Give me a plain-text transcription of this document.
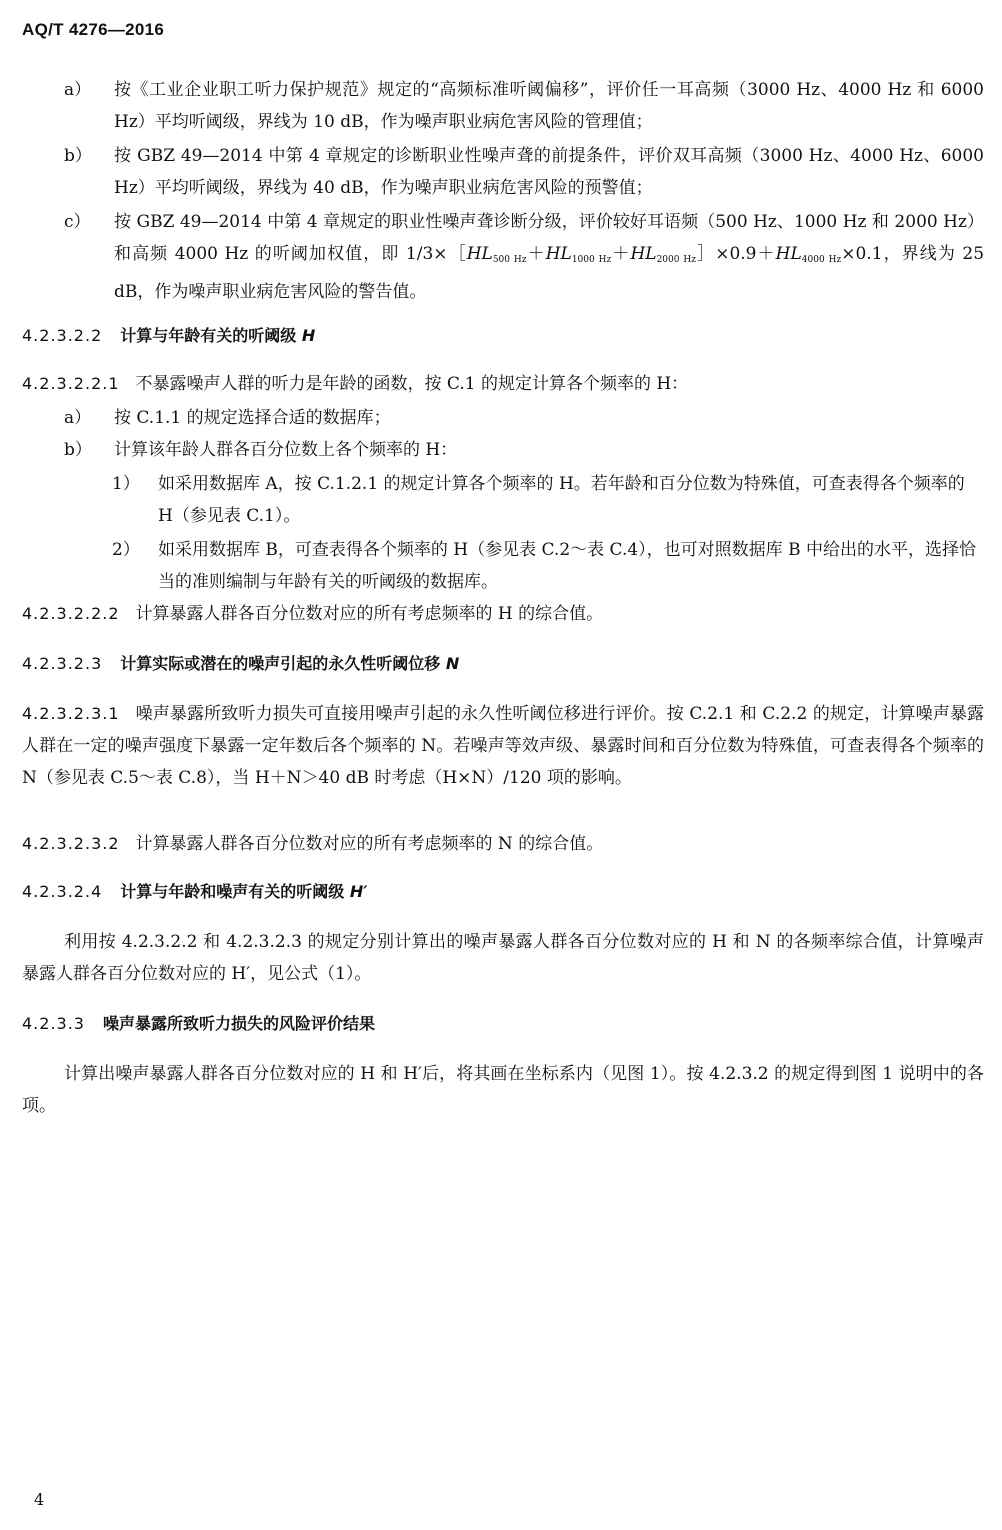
AQ/T 4276—2016
a） 按《工业企业职工听力保护规范》规定的“高频标准听阈偏移”，评价任一耳高频（3000 Hz、4000 Hz 和 6000 Hz）平均听阈级，界线为 10 dB，作为噪声职业病危害风险的管理值；
b） 按 GBZ 49—2014 中第 4 章规定的诊断职业性噪声聋的前提条件，评价双耳高频（3000 Hz、4000 Hz、6000 Hz）平均听阈级，界线为 40 dB，作为噪声职业病危害风险的预警值；
c） 按 GBZ 49—2014 中第 4 章规定的职业性噪声聋诊断分级，评价较好耳语频（500 Hz、1000 Hz 和 2000 Hz）和高频 4000 Hz 的听阈加权值，即 $1/3\times[HL_{500 Hz}+HL_{1000 Hz}+HL_{2000 Hz}]\times 0.9+HL_{4000 Hz}\times 0.1$，界线为 25 dB，作为噪声职业病危害风险的警告值。
4.2.3.2.2 计算与年龄有关的听阈级 H
4.2.3.2.2.1 不暴露噪声人群的听力是年龄的函数，按 C.1 的规定计算各个频率的 H：
a） 按 C.1.1 的规定选择合适的数据库；
b） 计算该年龄人群各百分位数上各个频率的 H：
1） 如采用数据库 A，按 C.1.2.1 的规定计算各个频率的 H。若年龄和百分位数为特殊值，可查表得各个频率的 H（参见表 C.1）。
2） 如采用数据库 B，可查表得各个频率的 H（参见表 C.2～表 C.4），也可对照数据库 B 中给出的水平，选择恰当的准则编制与年龄有关的听阈级的数据库。
4.2.3.2.2.2 计算暴露人群各百分位数对应的所有考虑频率的 H 的综合值。
4.2.3.2.3 计算实际或潜在的噪声引起的永久性听阈位移 N
4.2.3.2.3.1 噪声暴露所致听力损失可直接用噪声引起的永久性听阈位移进行评价。按 C.2.1 和 C.2.2 的规定，计算噪声暴露人群在一定的噪声强度下暴露一定年数后各个频率的 N。若噪声等效声级、暴露时间和百分位数为特殊值，可查表得各个频率的 N（参见表 C.5～表 C.8），当 H＋N＞40 dB 时考虑（H×N）/120 项的影响。
4.2.3.2.3.2 计算暴露人群各百分位数对应的所有考虑频率的 N 的综合值。
4.2.3.2.4 计算与年龄和噪声有关的听阈级 H′
利用按 4.2.3.2.2 和 4.2.3.2.3 的规定分别计算出的噪声暴露人群各百分位数对应的 H 和 N 的各频率综合值，计算噪声暴露人群各百分位数对应的 H′，见公式（1）。
4.2.3.3 噪声暴露所致听力损失的风险评价结果
计算出噪声暴露人群各百分位数对应的 H 和 H′后，将其画在坐标系内（见图 1）。按 4.2.3.2 的规定得到图 1 说明中的各项。
4
